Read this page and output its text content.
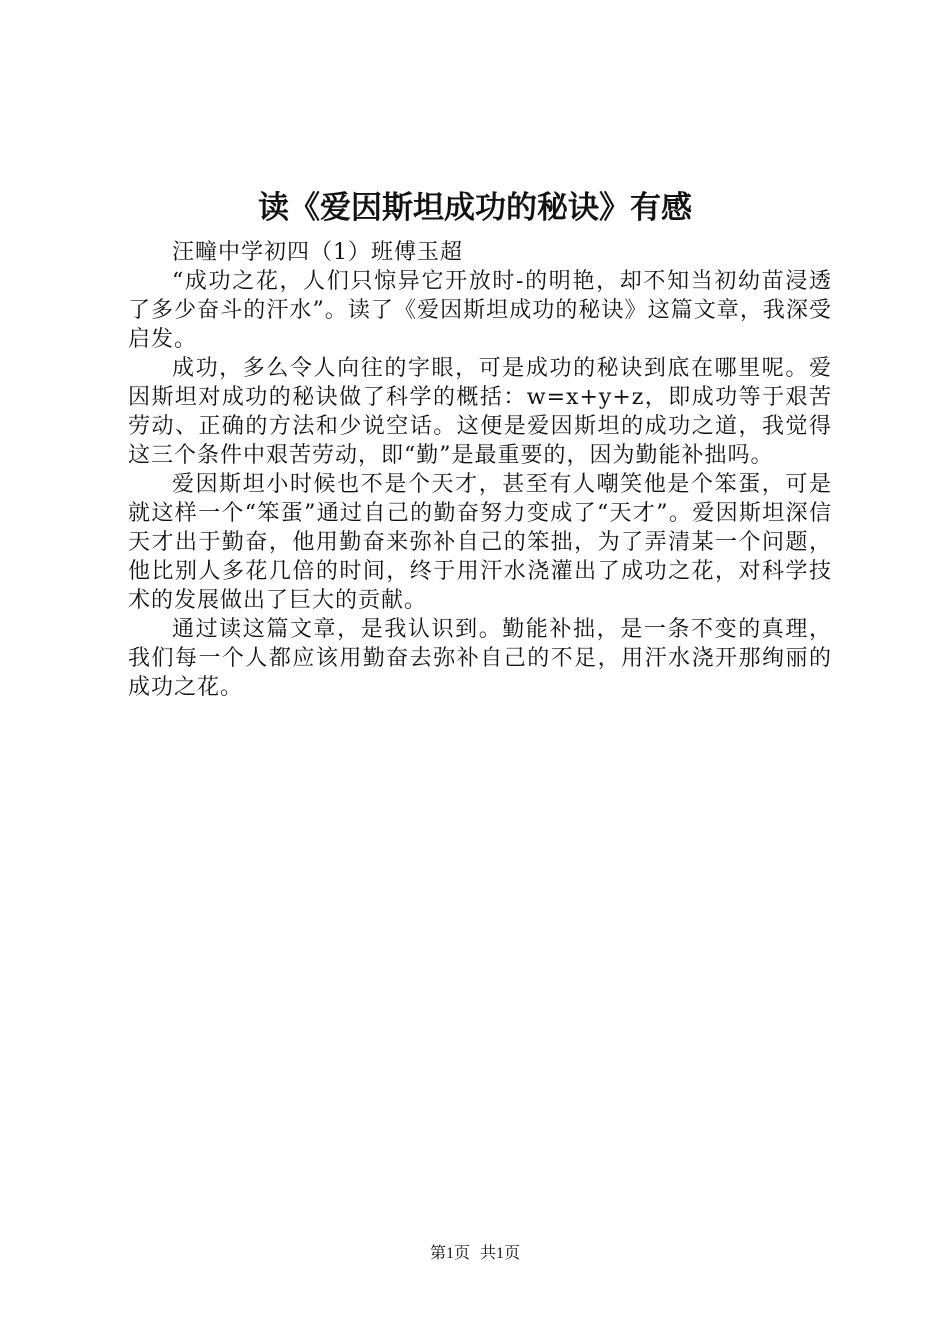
读《爱因斯坦成功的秘诀》有感

汪疃中学初四（1）班傅玉超

“成功之花，人们只惊异它开放时-的明艳，却不知当初幼苗浸透了多少奋斗的汗水”。读了《爱因斯坦成功的秘诀》这篇文章，我深受启发。

成功，多么令人向往的字眼，可是成功的秘诀到底在哪里呢。爱因斯坦对成功的秘诀做了科学的概括：w=x+y+z，即成功等于艰苦劳动、正确的方法和少说空话。这便是爱因斯坦的成功之道，我觉得这三个条件中艰苦劳动，即“勤”是最重要的，因为勤能补拙吗。

爱因斯坦小时候也不是个天才，甚至有人嘲笑他是个笨蛋，可是就这样一个“笨蛋”通过自己的勤奋努力变成了“天才”。爱因斯坦深信天才出于勤奋，他用勤奋来弥补自己的笨拙，为了弄清某一个问题，他比别人多花几倍的时间，终于用汗水浇灌出了成功之花，对科学技术的发展做出了巨大的贡献。

通过读这篇文章，是我认识到。勤能补拙，是一条不变的真理，我们每一个人都应该用勤奋去弥补自己的不足，用汗水浇开那绚丽的成功之花。

第1页 共1页
